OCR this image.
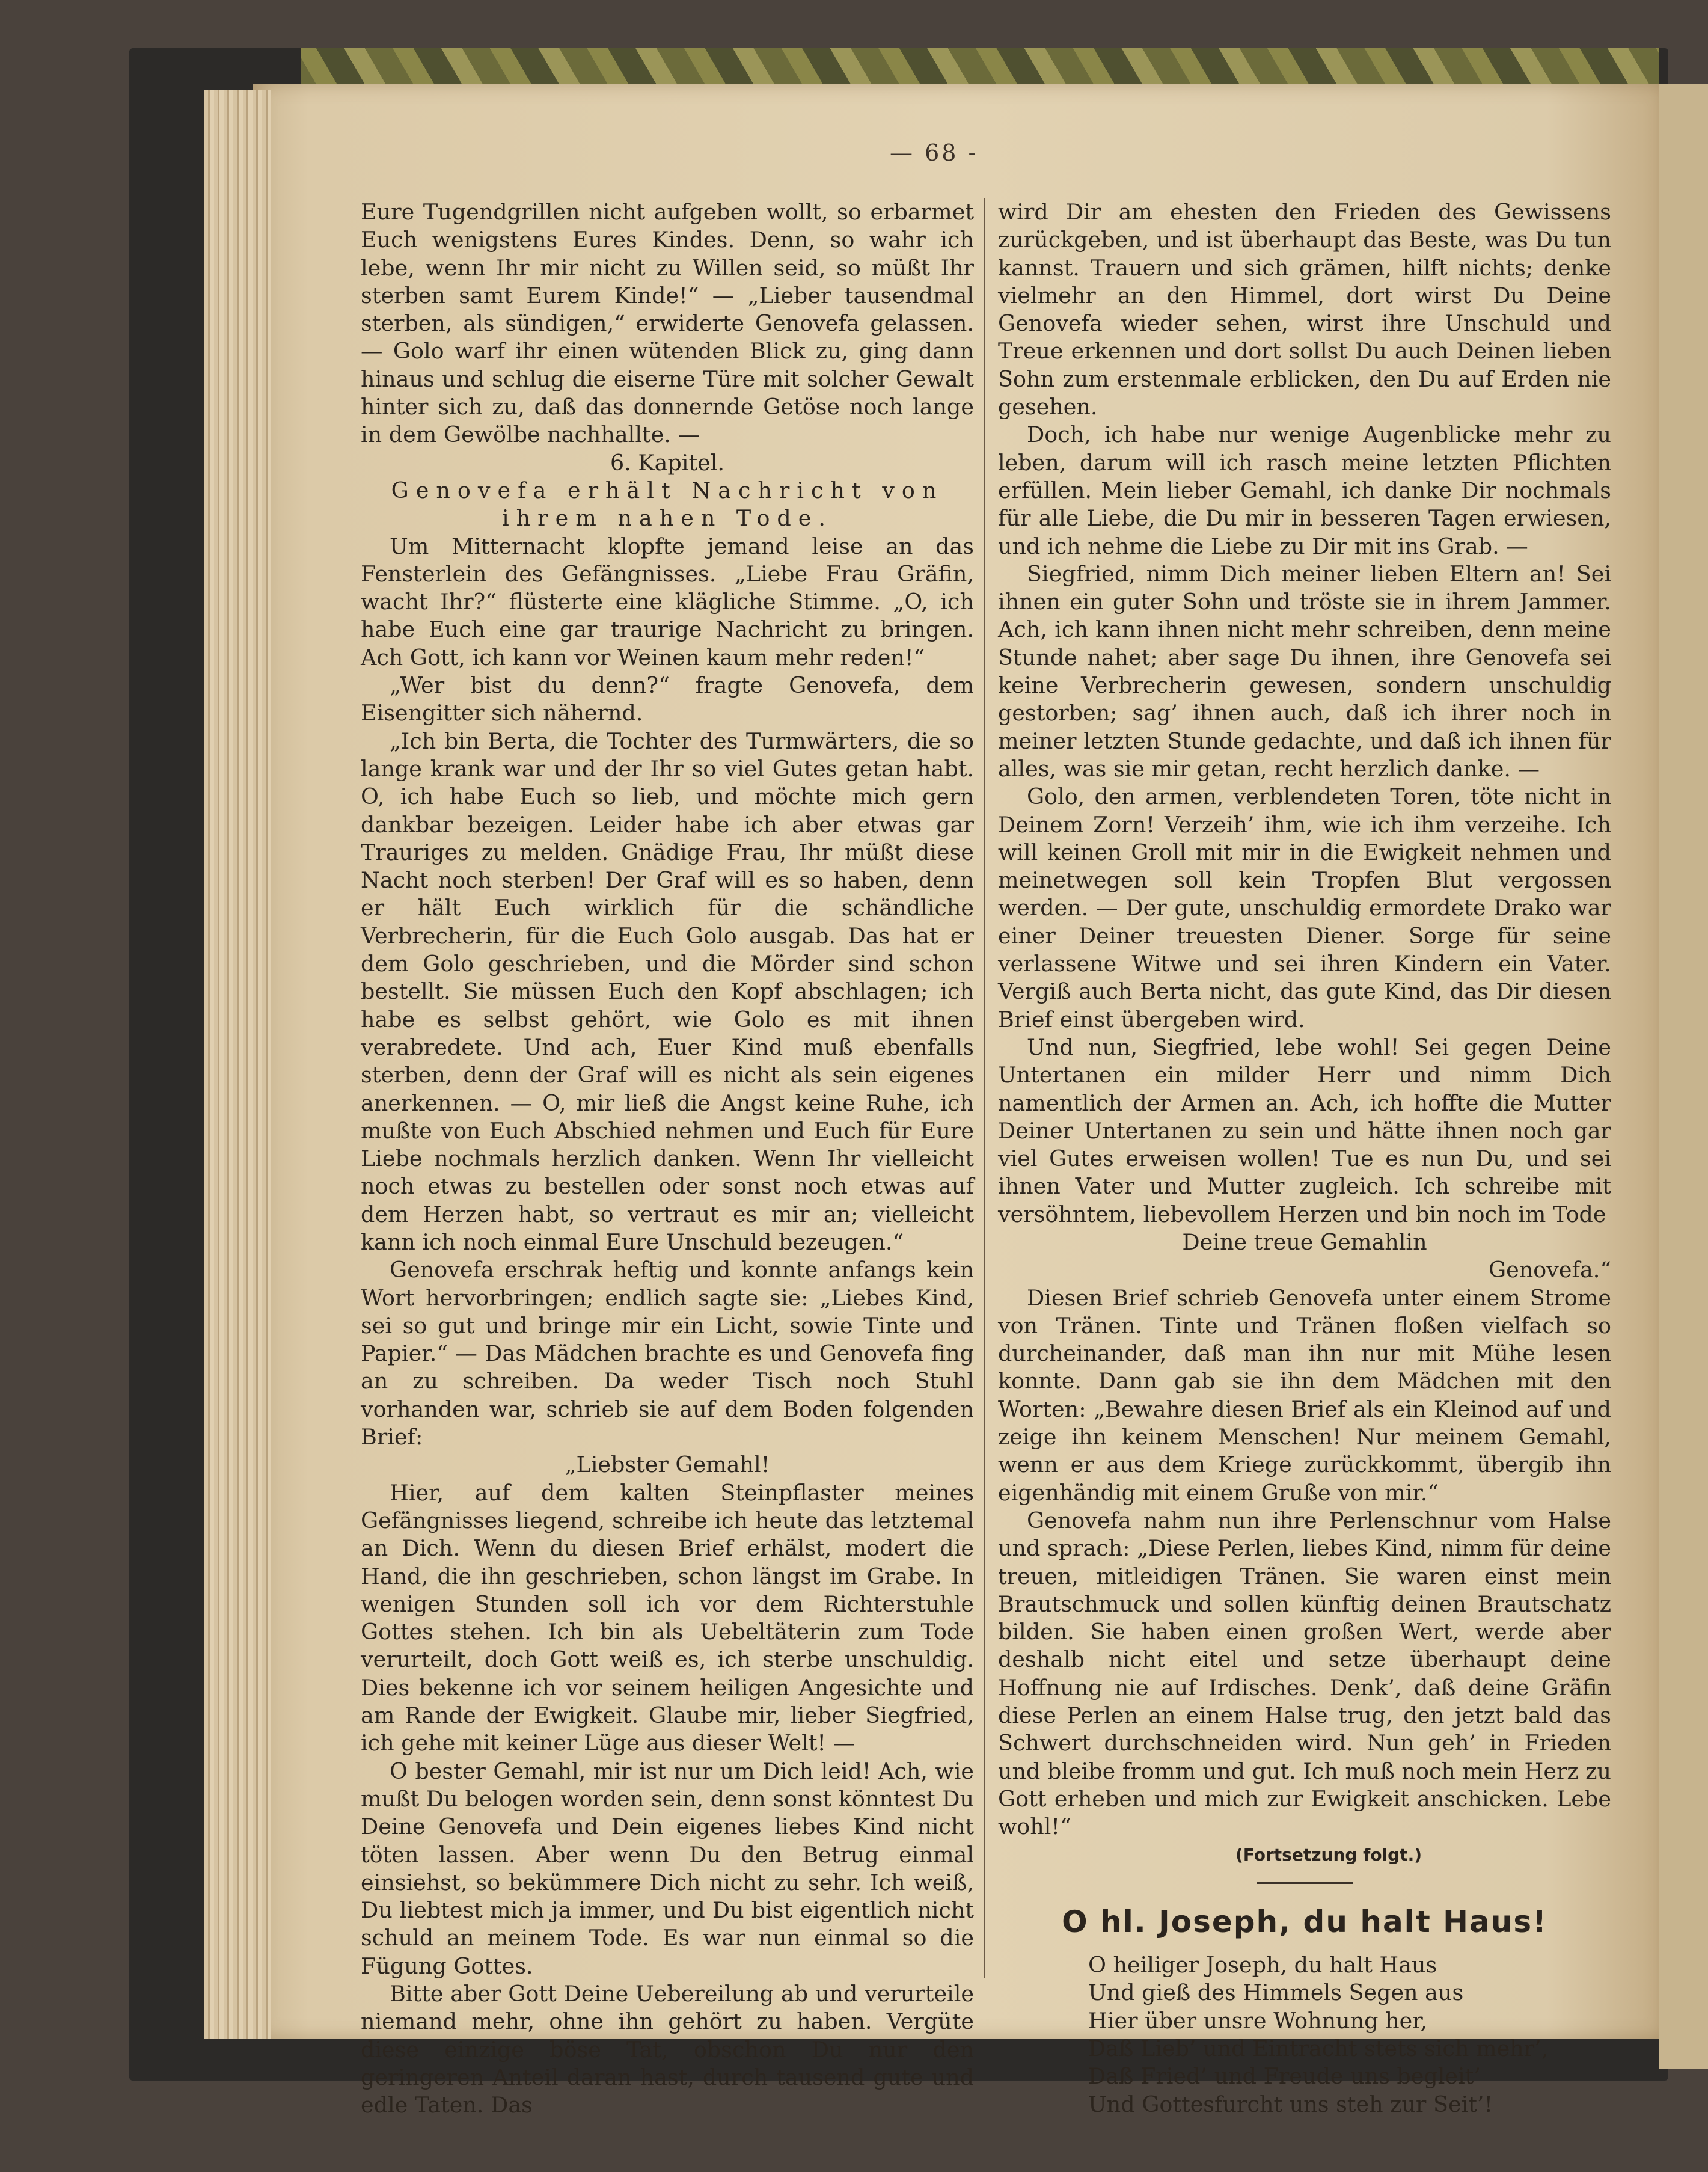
— 68 -

Eure Tugendgrillen nicht aufgeben wollt, so erbarmet Euch wenigstens Eures Kindes. Denn, so wahr ich lebe, wenn Ihr mir nicht zu Willen seid, so müßt Ihr sterben samt Eurem Kinde!“ — „Lieber tausendmal sterben, als sündigen,“ erwiderte Genovefa gelassen. — Golo warf ihr einen wütenden Blick zu, ging dann hinaus und schlug die eiserne Türe mit solcher Gewalt hinter sich zu, daß das donnernde Getöse noch lange in dem Gewölbe nachhallte. —

6. Kapitel.

Genovefa erhält Nachricht von ihrem nahen Tode.

Um Mitternacht klopfte jemand leise an das Fensterlein des Gefängnisses. „Liebe Frau Gräfin, wacht Ihr?“ flüsterte eine klägliche Stimme. „O, ich habe Euch eine gar traurige Nachricht zu bringen. Ach Gott, ich kann vor Weinen kaum mehr reden!“

„Wer bist du denn?“ fragte Genovefa, dem Eisengitter sich nähernd.

„Ich bin Berta, die Tochter des Turmwärters, die so lange krank war und der Ihr so viel Gutes getan habt. O, ich habe Euch so lieb, und möchte mich gern dankbar bezeigen. Leider habe ich aber etwas gar Trauriges zu melden. Gnädige Frau, Ihr müßt diese Nacht noch sterben! Der Graf will es so haben, denn er hält Euch wirklich für die schändliche Verbrecherin, für die Euch Golo ausgab. Das hat er dem Golo geschrieben, und die Mörder sind schon bestellt. Sie müssen Euch den Kopf abschlagen; ich habe es selbst gehört, wie Golo es mit ihnen verabredete. Und ach, Euer Kind muß ebenfalls sterben, denn der Graf will es nicht als sein eigenes anerkennen. — O, mir ließ die Angst keine Ruhe, ich mußte von Euch Abschied nehmen und Euch für Eure Liebe nochmals herzlich danken. Wenn Ihr vielleicht noch etwas zu bestellen oder sonst noch etwas auf dem Herzen habt, so vertraut es mir an; vielleicht kann ich noch einmal Eure Unschuld bezeugen.“

Genovefa erschrak heftig und konnte anfangs kein Wort hervorbringen; endlich sagte sie: „Liebes Kind, sei so gut und bringe mir ein Licht, sowie Tinte und Papier.“ — Das Mädchen brachte es und Genovefa fing an zu schreiben. Da weder Tisch noch Stuhl vorhanden war, schrieb sie auf dem Boden folgenden Brief:

„Liebster Gemahl!

Hier, auf dem kalten Steinpflaster meines Gefängnisses liegend, schreibe ich heute das letztemal an Dich. Wenn du diesen Brief erhälst, modert die Hand, die ihn geschrieben, schon längst im Grabe. In wenigen Stunden soll ich vor dem Richterstuhle Gottes stehen. Ich bin als Uebeltäterin zum Tode verurteilt, doch Gott weiß es, ich sterbe unschuldig. Dies bekenne ich vor seinem heiligen Angesichte und am Rande der Ewigkeit. Glaube mir, lieber Siegfried, ich gehe mit keiner Lüge aus dieser Welt! —

O bester Gemahl, mir ist nur um Dich leid! Ach, wie mußt Du belogen worden sein, denn sonst könntest Du Deine Genovefa und Dein eigenes liebes Kind nicht töten lassen. Aber wenn Du den Betrug einmal einsiehst, so bekümmere Dich nicht zu sehr. Ich weiß, Du liebtest mich ja immer, und Du bist eigentlich nicht schuld an meinem Tode. Es war nun einmal so die Fügung Gottes.

Bitte aber Gott Deine Uebereilung ab und verurteile niemand mehr, ohne ihn gehört zu haben. Vergüte diese einzige böse Tat, obschon Du nur den geringeren Anteil daran hast, durch tausend gute und edle Taten. Das

wird Dir am ehesten den Frieden des Gewissens zurückgeben, und ist überhaupt das Beste, was Du tun kannst. Trauern und sich grämen, hilft nichts; denke vielmehr an den Himmel, dort wirst Du Deine Genovefa wieder sehen, wirst ihre Unschuld und Treue erkennen und dort sollst Du auch Deinen lieben Sohn zum erstenmale erblicken, den Du auf Erden nie gesehen.

Doch, ich habe nur wenige Augenblicke mehr zu leben, darum will ich rasch meine letzten Pflichten erfüllen. Mein lieber Gemahl, ich danke Dir nochmals für alle Liebe, die Du mir in besseren Tagen erwiesen, und ich nehme die Liebe zu Dir mit ins Grab. —

Siegfried, nimm Dich meiner lieben Eltern an! Sei ihnen ein guter Sohn und tröste sie in ihrem Jammer. Ach, ich kann ihnen nicht mehr schreiben, denn meine Stunde nahet; aber sage Du ihnen, ihre Genovefa sei keine Verbrecherin gewesen, sondern unschuldig gestorben; sag’ ihnen auch, daß ich ihrer noch in meiner letzten Stunde gedachte, und daß ich ihnen für alles, was sie mir getan, recht herzlich danke. —

Golo, den armen, verblendeten Toren, töte nicht in Deinem Zorn! Verzeih’ ihm, wie ich ihm verzeihe. Ich will keinen Groll mit mir in die Ewigkeit nehmen und meinetwegen soll kein Tropfen Blut vergossen werden. — Der gute, unschuldig ermordete Drako war einer Deiner treuesten Diener. Sorge für seine verlassene Witwe und sei ihren Kindern ein Vater. Vergiß auch Berta nicht, das gute Kind, das Dir diesen Brief einst übergeben wird.

Und nun, Siegfried, lebe wohl! Sei gegen Deine Untertanen ein milder Herr und nimm Dich namentlich der Armen an. Ach, ich hoffte die Mutter Deiner Untertanen zu sein und hätte ihnen noch gar viel Gutes erweisen wollen! Tue es nun Du, und sei ihnen Vater und Mutter zugleich. Ich schreibe mit versöhntem, liebevollem Herzen und bin noch im Tode

Deine treue Gemahlin

Genovefa.“

Diesen Brief schrieb Genovefa unter einem Strome von Tränen. Tinte und Tränen floßen vielfach so durcheinander, daß man ihn nur mit Mühe lesen konnte. Dann gab sie ihn dem Mädchen mit den Worten: „Bewahre diesen Brief als ein Kleinod auf und zeige ihn keinem Menschen! Nur meinem Gemahl, wenn er aus dem Kriege zurückkommt, übergib ihn eigenhändig mit einem Gruße von mir.“

Genovefa nahm nun ihre Perlenschnur vom Halse und sprach: „Diese Perlen, liebes Kind, nimm für deine treuen, mitleidigen Tränen. Sie waren einst mein Brautschmuck und sollen künftig deinen Brautschatz bilden. Sie haben einen großen Wert, werde aber deshalb nicht eitel und setze überhaupt deine Hoffnung nie auf Irdisches. Denk’, daß deine Gräfin diese Perlen an einem Halse trug, den jetzt bald das Schwert durchschneiden wird. Nun geh’ in Frieden und bleibe fromm und gut. Ich muß noch mein Herz zu Gott erheben und mich zur Ewigkeit anschicken. Lebe wohl!“

(Fortsetzung folgt.)

O hl. Joseph, du halt Haus!
O heiliger Joseph, du halt Haus
Und gieß des Himmels Segen aus
Hier über unsre Wohnung her,
Daß Lieb’ und Eintracht stets sich mehr’,
Daß Fried’ und Freude uns begleit’
Und Gottesfurcht uns steh zur Seit’!
